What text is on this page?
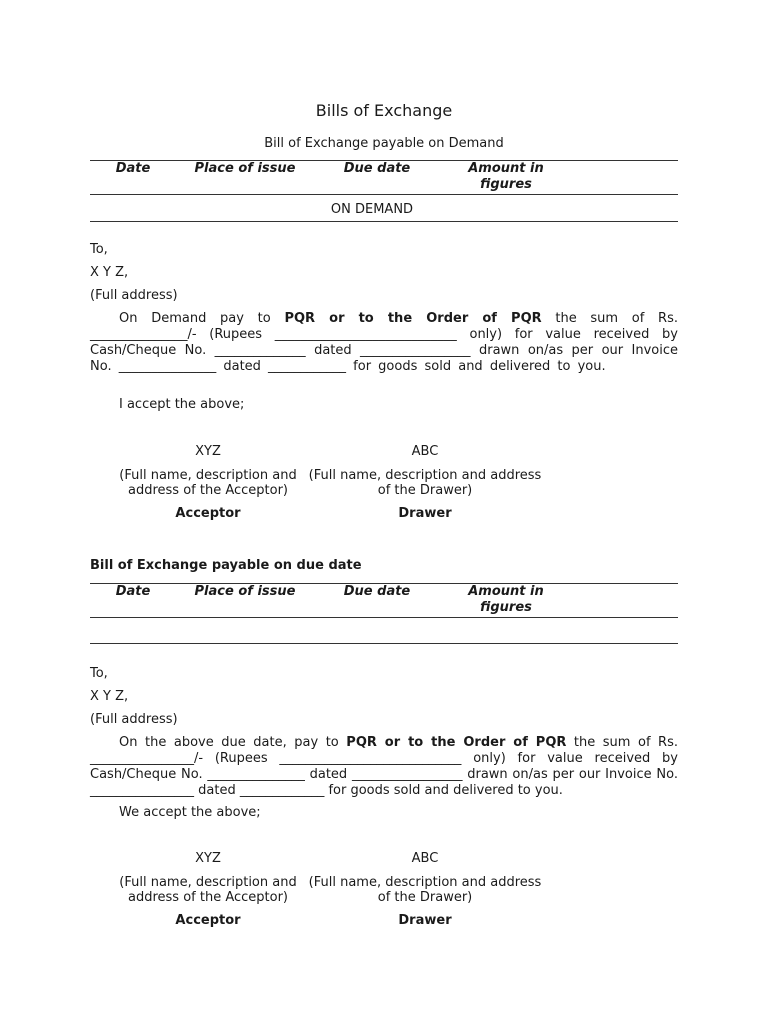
Bills of Exchange
Bill of Exchange payable on Demand
Date	Place of issue	Due date	Amount in
figures
ON DEMAND
To,
X Y Z,
(Full address)
On Demand pay to PQR or to the Order of PQR the sum of Rs. _______________/- (Rupees ____________________________ only) for value received by Cash/Cheque No. ______________ dated _________________ drawn on/as per our Invoice No. _______________ dated ____________ for goods sold and delivered to you.
I accept the above;
XYZ
(Full name, description and
address of the Acceptor)
Acceptor
ABC
(Full name, description and address
of the Drawer)
Drawer
Bill of Exchange payable on due date
Date	Place of issue	Due date	Amount in
figures
To,
X Y Z,
(Full address)
On the above due date, pay to PQR or to the Order of PQR the sum of Rs. ________________/- (Rupees ____________________________ only) for value received by Cash/Cheque No. _______________ dated _________________ drawn on/as per our Invoice No. ________________ dated _____________ for goods sold and delivered to you.
We accept the above;
XYZ
(Full name, description and
address of the Acceptor)
Acceptor
ABC
(Full name, description and address
of the Drawer)
Drawer
